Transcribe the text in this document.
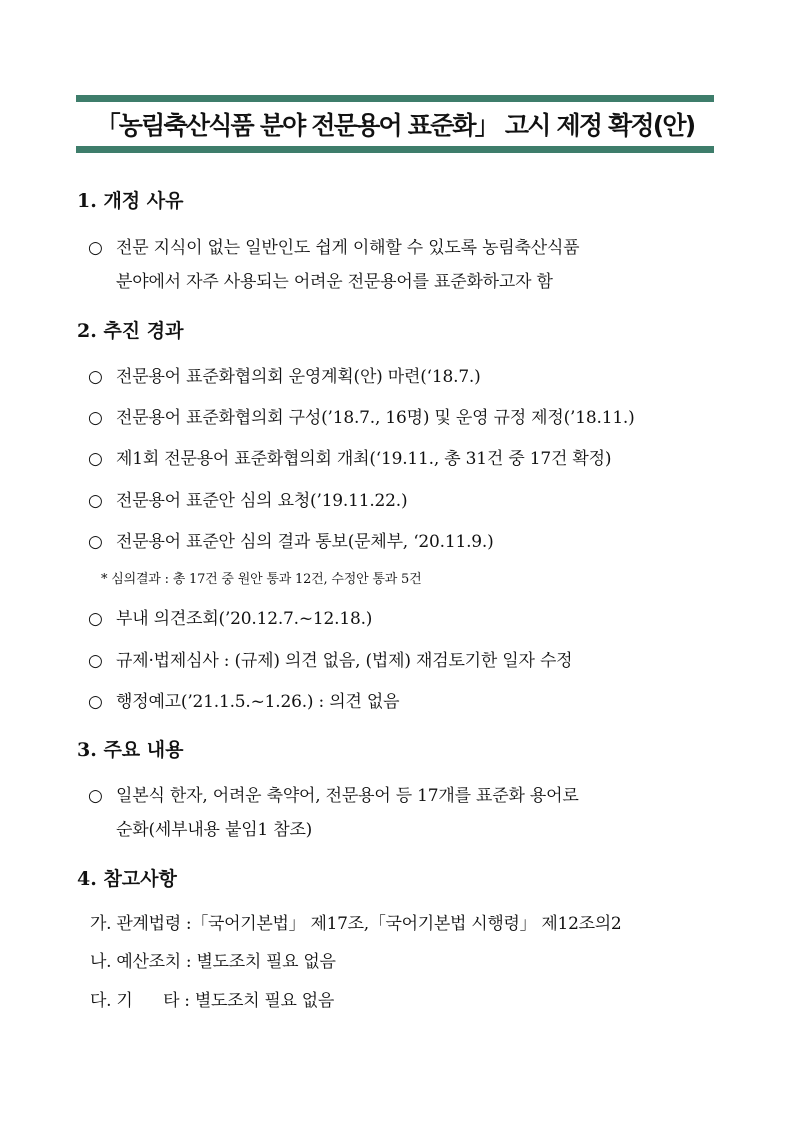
「농림축산식품 분야 전문용어 표준화」 고시 제정 확정(안)
1. 개정 사유
○ 전문 지식이 없는 일반인도 쉽게 이해할 수 있도록 농림축산식품
분야에서 자주 사용되는 어려운 전문용어를 표준화하고자 함
2. 추진 경과
○ 전문용어 표준화협의회 운영계획(안) 마련(‘18.7.)
○ 전문용어 표준화협의회 구성(’18.7., 16명) 및 운영 규정 제정(’18.11.)
○ 제1회 전문용어 표준화협의회 개최(‘19.11., 총 31건 중 17건 확정)
○ 전문용어 표준안 심의 요청(’19.11.22.)
○ 전문용어 표준안 심의 결과 통보(문체부, ‘20.11.9.)
* 심의결과 : 총 17건 중 원안 통과 12건, 수정안 통과 5건
○ 부내 의견조회(’20.12.7.~12.18.)
○ 규제·법제심사 : (규제) 의견 없음, (법제) 재검토기한 일자 수정
○ 행정예고(’21.1.5.~1.26.) : 의견 없음
3. 주요 내용
○ 일본식 한자, 어려운 축약어, 전문용어 등 17개를 표준화 용어로
순화(세부내용 붙임1 참조)
4. 참고사항
가. 관계법령 :「국어기본법」 제17조,「국어기본법 시행령」 제12조의2
나. 예산조치 : 별도조치 필요 없음
다. 기      타 : 별도조치 필요 없음
